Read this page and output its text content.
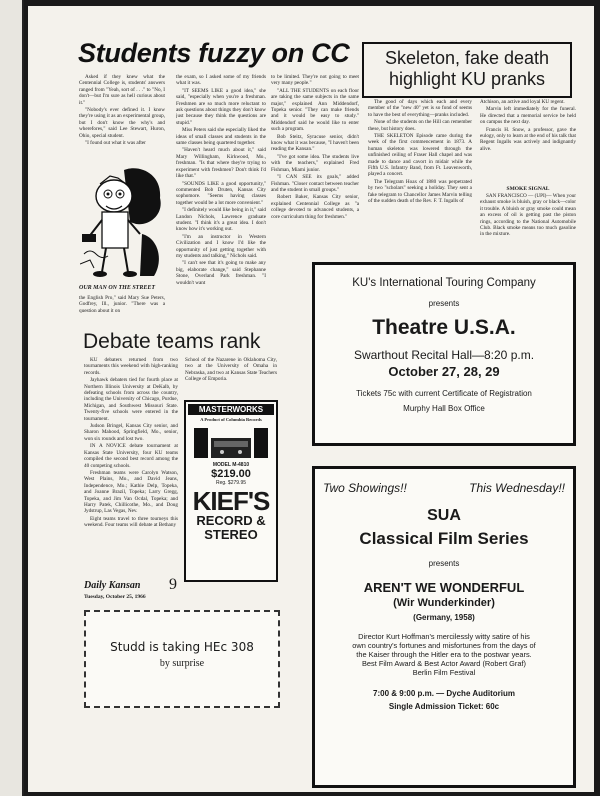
Students fuzzy on CC

Asked if they knew what the Centennial College is, students' answers ranged from "Yeah, sort of . . ." to "No, I don't—but I'm sure as hell curious about it."

"Nobody's ever defined it. I know they're using it as an experimental group, but I don't know the why's and wherefores," said Lee Stewart, Huron, Ohio, special student.

"I found out what it was after

OUR MAN ON THE STREET

the English Pro," said Mary Sue Peters, Godfrey, Ill., junior. "There was a question about it on

the exam, so I asked some of my friends what it was.

"IT SEEMS LIKE a good idea," she said, "especially when you're a freshman. Freshmen are so much more reluctant to ask questions about things they don't know just because they think the questions are stupid."

Miss Peters said she especially liked the ideas of small classes and students in the same classes being quartered together.

"Haven't heard much about it," said Mary Willingham, Kirkwood, Mo., freshman. "Is that where they're trying to experiment with freshmen? Don't think I'd like that."

"SOUNDS LIKE a good opportunity," commented Bob Druten, Kansas City sophomore. "Seems having classes together would be a lot more convenient."

"I definitely would like being in it," said Landon Nichols, Lawrence graduate student. "I think it's a great idea. I don't know how it's working out.

"I'm an instructor in Western Civilization and I know I'd like the opportunity of just getting together with my students and talking," Nichols said.

"I can't see that it's going to make any big, elaborate change," said Stephanne Stone, Overland Park freshman. "I wouldn't want

to be limited. They're not going to meet very many people."

"ALL THE STUDENTS on each floor are taking the same subjects in the same major," explained Ann Middendorf, Topeka senior. "They can make friends and it would be easy to study." Middendorf said he would like to enter such a program.

Bob Steitz, Syracuse senior, didn't know what it was because, "I haven't been reading the Kansan."

"I've got some idea. The students live with the teachers," explained Fred Fishman, Miami junior.

"I CAN SEE its goals," added Fishman. "Closer contact between teacher and the student in small groups."

Robert Baker, Kansas City senior, explained Centennial College as "a college devoted to advanced students, a core curriculum thing for freshmen."

Skeleton, fake death
highlight KU pranks

The good ol' days which each and every member of the "new 40" yet is so fond of seems to have the best of everything—pranks included.

None of the students on the Hill can remember these, but history does.

THE SKELETON Episode came during the week of the first commencement in 1873. A human skeleton was lowered through the unfinished ceiling of Fraser Hall chapel and was made to dance and cavort in midair while the Fifth U.S. Infantry Band, from Ft. Leavenworth, played a concert.

The Telegram Hoax of 1880 was perpetrated by two "scholars" seeking a holiday. They sent a fake telegram to Chancellor James Marvin telling of the sudden death of the Rev. F. T. Ingalls of

Atchison, an active and loyal KU regent.

Marvin left immediately for the funeral. He directed that a memorial service be held on campus the next day.

Francis H. Snow, a professor, gave the eulogy, only to learn at the end of his talk that Regent Ingalls was actively and indignantly alive.

SMOKE SIGNAL

SAN FRANCISCO — (UPI)— When your exhaust smoke is bluish, gray or black—color it trouble. A bluish or gray smoke could mean an excess of oil is getting past the piston rings, according to the National Automobile Club. Black smoke means too much gasoline in the mixture.

Debate teams rank

KU debaters returned from two tournaments this weekend with high-ranking records.

Jayhawk debaters tied for fourth place at Northern Illinois University at DeKalb, by defeating schools from across the country, including the University of Chicago, Purdue, Michigan, and Southwest Missouri State. Twenty-five schools were entered in the tournament.

Judson Bringel, Kansas City senior, and Sharon Mahood, Springfield, Mo., senior, won six rounds and lost two.

IN A NOVICE debate tournament at Kansas State University, four KU teams compiled the second best record among the 40 competing schools.

Freshman teams were Carolyn Watson, West Plains, Mo., and David Jeans, Independence, Mo.; Kathie Delp, Topeka, and Joanne Brazil, Topeka; Larry Gregg, Topeka, and Jim Van Ocdal, Topeka; and Harry Patek, Chillicothe, Mo., and Doug Jydstrup, Las Vegas, Nev.

Eight teams travel to three tourneys this weekend. Four teams will debate at Bethany

School of the Nazarene in Oklahoma City, two at the University of Omaha in Nebraska, and two at Kansas State Teachers College of Emporia.

MASTERWORKS
A Product of Columbia Records
MODEL M-4810
$219.00
Reg. $279.95
KIEF'S
RECORD &
STEREO
Daily Kansan 9
Tuesday, October 25, 1966
Studd is taking HEc 308
by surprise
KU's International Touring Company
presents
Theatre U.S.A.
Swarthout Recital Hall—8:20 p.m.
October 27, 28, 29
Tickets 75c with current Certificate of Registration
Murphy Hall Box Office
Two Showings!!	This Wednesday!!
SUA
Classical Film Series
presents
AREN'T WE WONDERFUL
(Wir Wunderkinder)
(Germany, 1958)
Director Kurt Hoffman's mercilessly witty satire of his
own country's fortunes and misfortunes from the days of
the Kaiser through the Hitler era to the postwar years.
Best Film Award & Best Actor Award (Robert Graf)
Berlin Film Festival
7:00 & 9:00 p.m. — Dyche Auditorium
Single Admission Ticket: 60c
